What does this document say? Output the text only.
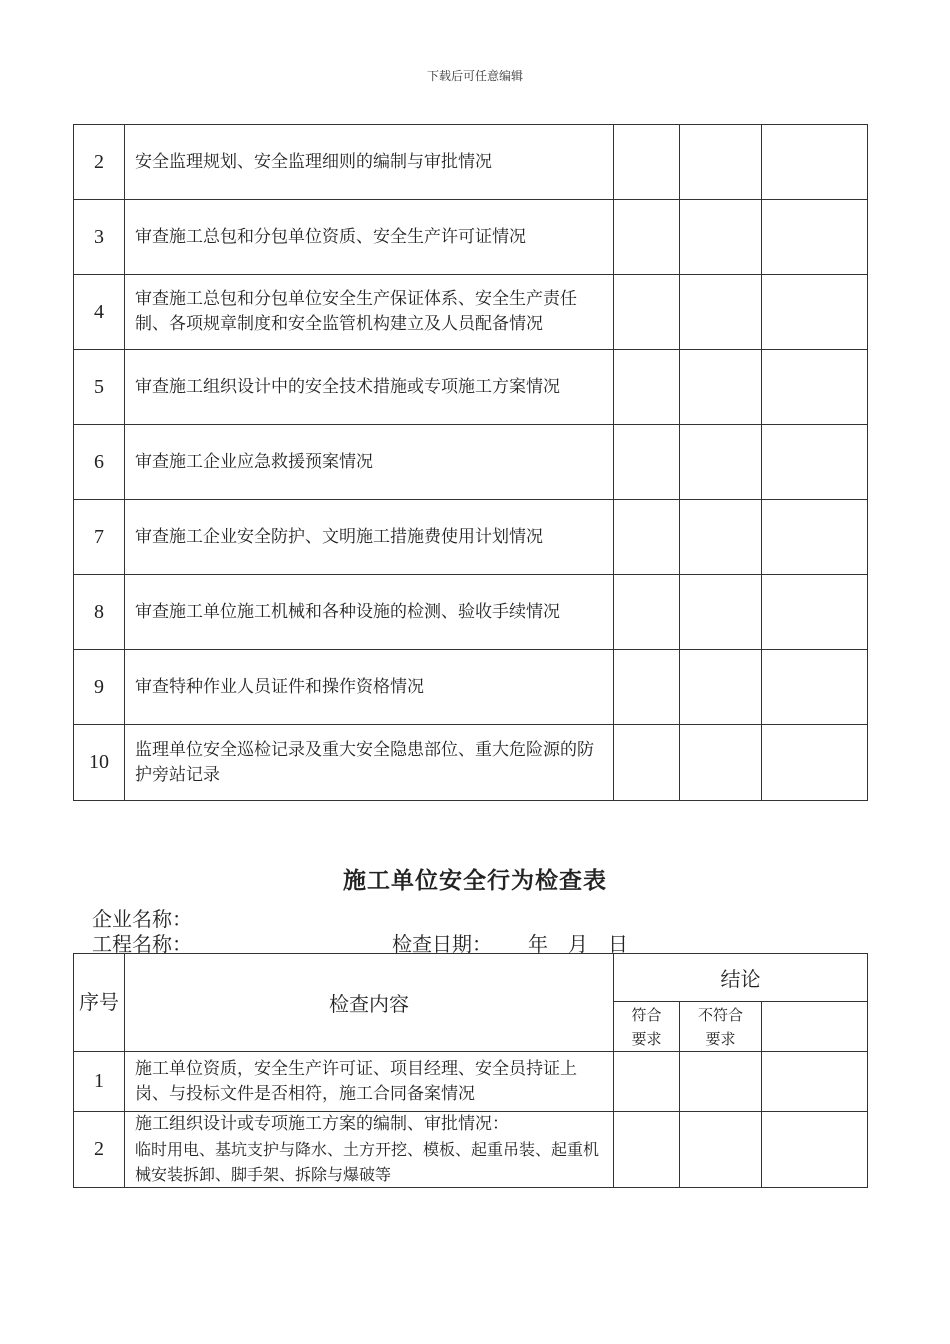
下载后可任意编辑
2	安全监理规划、安全监理细则的编制与审批情况			
3	审查施工总包和分包单位资质、安全生产许可证情况			
4	审查施工总包和分包单位安全生产保证体系、安全生产责任制、各项规章制度和安全监管机构建立及人员配备情况			
5	审查施工组织设计中的安全技术措施或专项施工方案情况			
6	审查施工企业应急救援预案情况			
7	审查施工企业安全防护、文明施工措施费使用计划情况			
8	审查施工单位施工机械和各种设施的检测、验收手续情况			
9	审查特种作业人员证件和操作资格情况			
10	监理单位安全巡检记录及重大安全隐患部位、重大危险源的防护旁站记录			
施工单位安全行为检查表
企业名称：
工程名称：	检查日期： 年 月 日
序号	检查内容	结论		

		符合要求	不符合要求	

1	施工单位资质，安全生产许可证、项目经理、安全员持证上岗、与投标文件是否相符，施工合同备案情况			
2	施工组织设计或专项施工方案的编制、审批情况：
临时用电、基坑支护与降水、土方开挖、模板、起重吊装、起重机械安装拆卸、脚手架、拆除与爆破等			
